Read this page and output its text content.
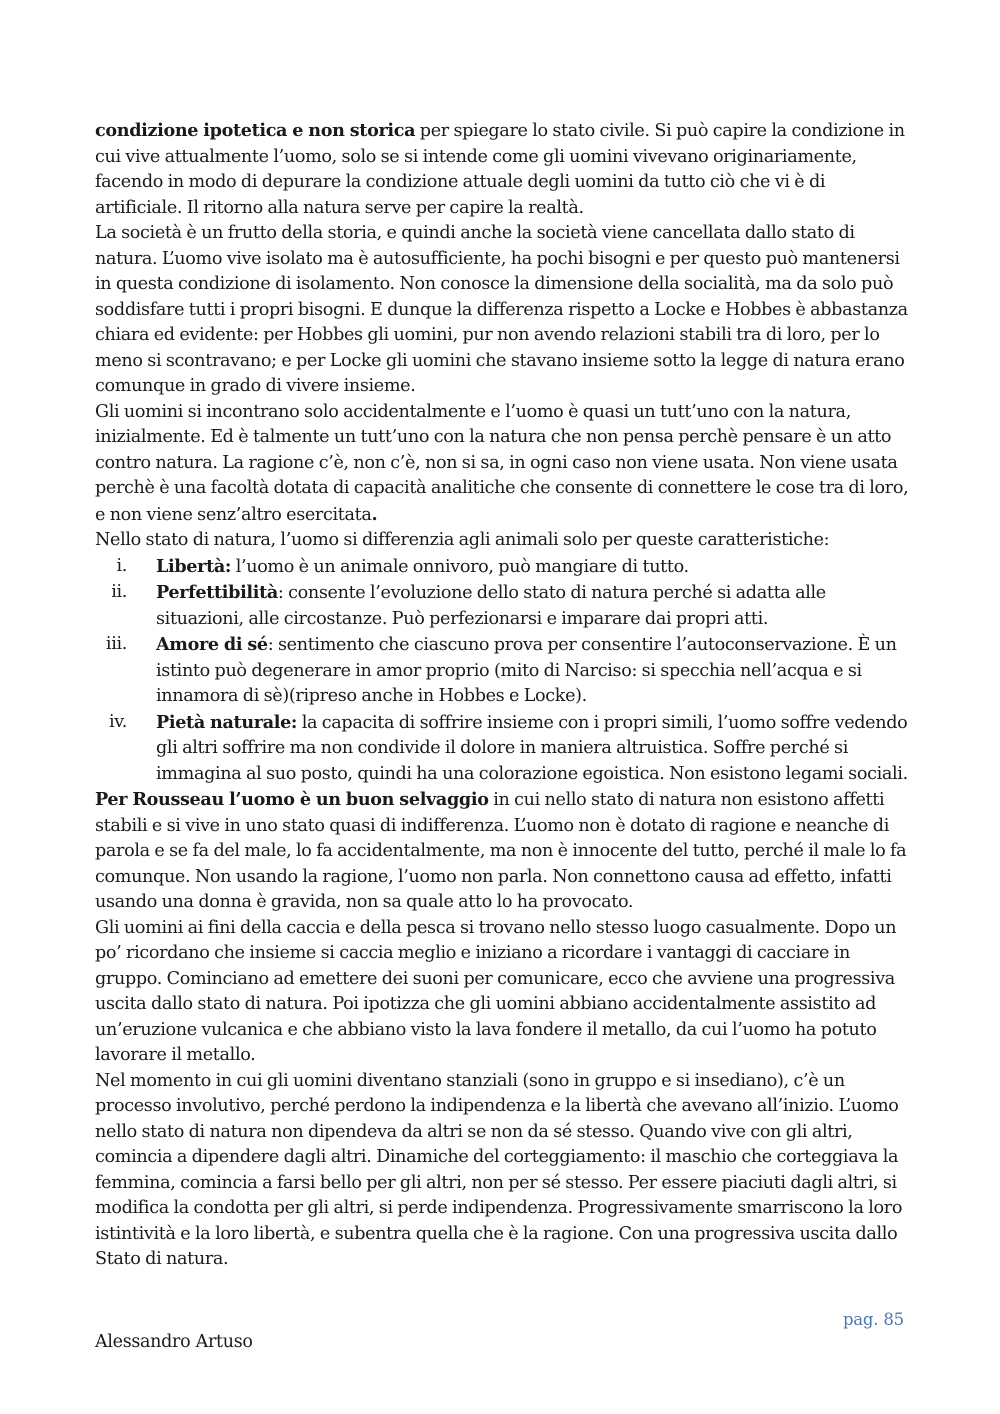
condizione ipotetica e non storica per spiegare lo stato civile. Si può capire la condizione in cui vive attualmente l’uomo, solo se si intende come gli uomini vivevano originariamente, facendo in modo di depurare la condizione attuale degli uomini da tutto ciò che vi è di artificiale. Il ritorno alla natura serve per capire la realtà.

La società è un frutto della storia, e quindi anche la società viene cancellata dallo stato di natura. L’uomo vive isolato ma è autosufficiente, ha pochi bisogni e per questo può mantenersi in questa condizione di isolamento. Non conosce la dimensione della socialità, ma da solo può soddisfare tutti i propri bisogni. E dunque la differenza rispetto a Locke e Hobbes è abbastanza chiara ed evidente: per Hobbes gli uomini, pur non avendo relazioni stabili tra di loro, per lo meno si scontravano; e per Locke gli uomini che stavano insieme sotto la legge di natura erano comunque in grado di vivere insieme.

Gli uomini si incontrano solo accidentalmente e l’uomo è quasi un tutt’uno con la natura, inizialmente. Ed è talmente un tutt’uno con la natura che non pensa perchè pensare è un atto contro natura. La ragione c’è, non c’è, non si sa, in ogni caso non viene usata. Non viene usata perchè è una facoltà dotata di capacità analitiche che consente di connettere le cose tra di loro, e non viene senz’altro esercitata.

Nello stato di natura, l’uomo si differenzia agli animali solo per queste caratteristiche:

i. Libertà: l’uomo è un animale onnivoro, può mangiare di tutto.
ii. Perfettibilità: consente l’evoluzione dello stato di natura perché si adatta alle situazioni, alle circostanze. Può perfezionarsi e imparare dai propri atti.
iii. Amore di sé: sentimento che ciascuno prova per consentire l’autoconservazione. È un istinto può degenerare in amor proprio (mito di Narciso: si specchia nell’acqua e si innamora di sè)(ripreso anche in Hobbes e Locke).
iv. Pietà naturale: la capacita di soffrire insieme con i propri simili, l’uomo soffre vedendo gli altri soffrire ma non condivide il dolore in maniera altruistica. Soffre perché si immagina al suo posto, quindi ha una colorazione egoistica. Non esistono legami sociali.

Per Rousseau l’uomo è un buon selvaggio in cui nello stato di natura non esistono affetti stabili e si vive in uno stato quasi di indifferenza. L’uomo non è dotato di ragione e neanche di parola e se fa del male, lo fa accidentalmente, ma non è innocente del tutto, perché il male lo fa comunque. Non usando la ragione, l’uomo non parla. Non connettono causa ad effetto, infatti usando una donna è gravida, non sa quale atto lo ha provocato.

Gli uomini ai fini della caccia e della pesca si trovano nello stesso luogo casualmente. Dopo un po’ ricordano che insieme si caccia meglio e iniziano a ricordare i vantaggi di cacciare in gruppo. Cominciano ad emettere dei suoni per comunicare, ecco che avviene una progressiva uscita dallo stato di natura. Poi ipotizza che gli uomini abbiano accidentalmente assistito ad un’eruzione vulcanica e che abbiano visto la lava fondere il metallo, da cui l’uomo ha potuto lavorare il metallo.

Nel momento in cui gli uomini diventano stanziali (sono in gruppo e si insediano), c’è un processo involutivo, perché perdono la indipendenza e la libertà che avevano all’inizio. L’uomo nello stato di natura non dipendeva da altri se non da sé stesso. Quando vive con gli altri, comincia a dipendere dagli altri. Dinamiche del corteggiamento: il maschio che corteggiava la femmina, comincia a farsi bello per gli altri, non per sé stesso. Per essere piaciuti dagli altri, si modifica la condotta per gli altri, si perde indipendenza. Progressivamente smarriscono la loro istintività e la loro libertà, e subentra quella che è la ragione. Con una progressiva uscita dallo Stato di natura.

pag. 85
Alessandro Artuso
